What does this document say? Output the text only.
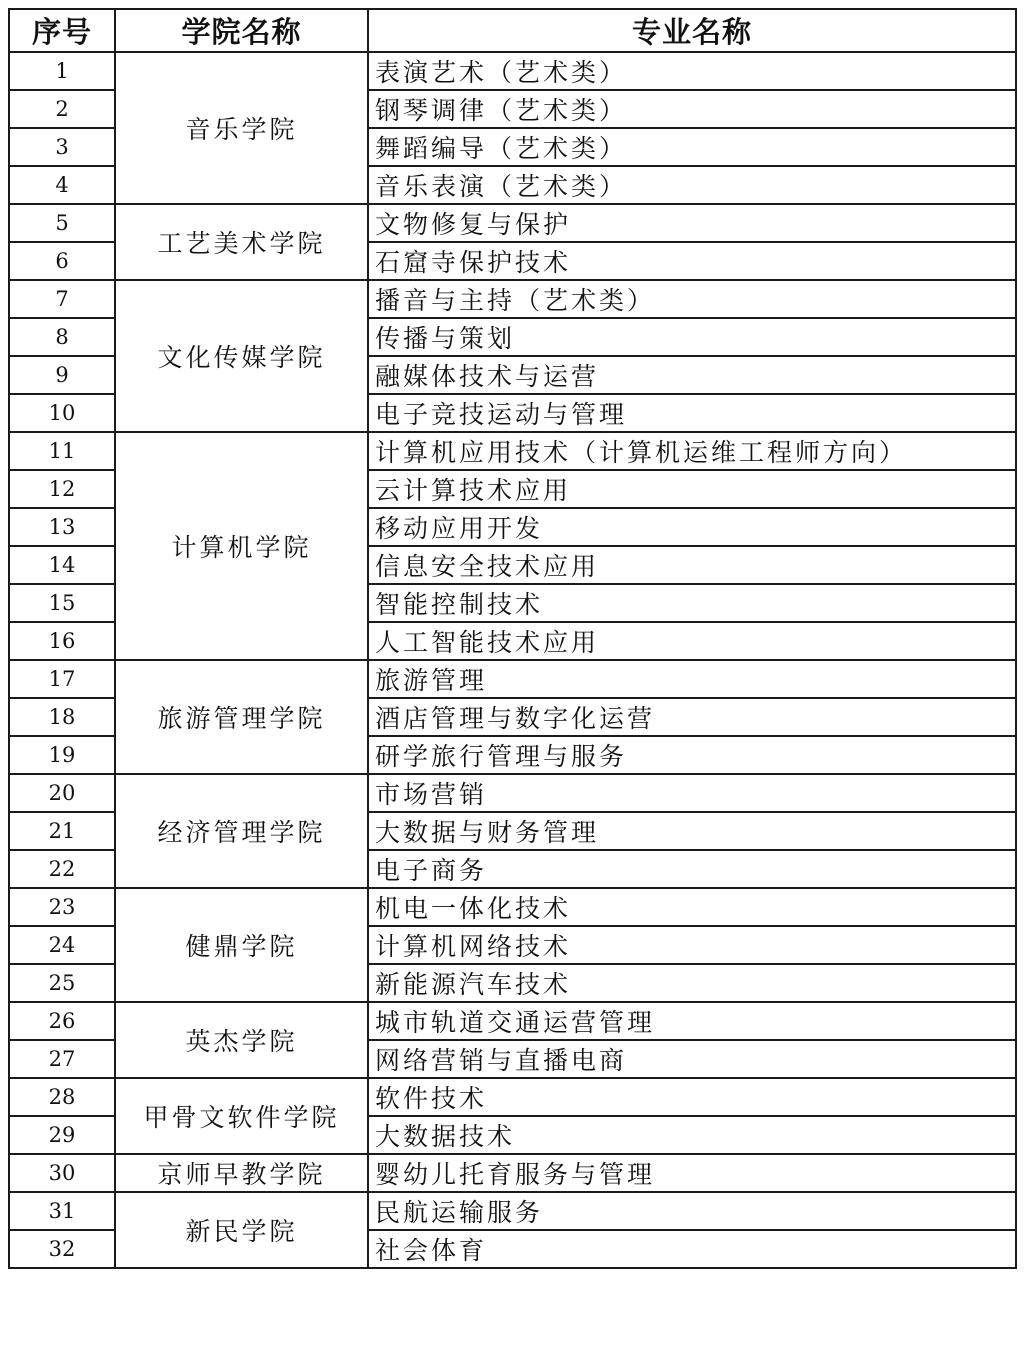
序号	学院名称	专业名称
1	音乐学院	表演艺术（艺术类）
2		钢琴调律（艺术类）
3		舞蹈编导（艺术类）
4		音乐表演（艺术类）
5	工艺美术学院	文物修复与保护
6		石窟寺保护技术
7	文化传媒学院	播音与主持（艺术类）
8		传播与策划
9		融媒体技术与运营
10		电子竞技运动与管理
11	计算机学院	计算机应用技术（计算机运维工程师方向）
12		云计算技术应用
13		移动应用开发
14		信息安全技术应用
15		智能控制技术
16		人工智能技术应用
17	旅游管理学院	旅游管理
18		酒店管理与数字化运营
19		研学旅行管理与服务
20	经济管理学院	市场营销
21		大数据与财务管理
22		电子商务
23	健鼎学院	机电一体化技术
24		计算机网络技术
25		新能源汽车技术
26	英杰学院	城市轨道交通运营管理
27		网络营销与直播电商
28	甲骨文软件学院	软件技术
29		大数据技术
30	京师早教学院	婴幼儿托育服务与管理
31	新民学院	民航运输服务
32		社会体育
